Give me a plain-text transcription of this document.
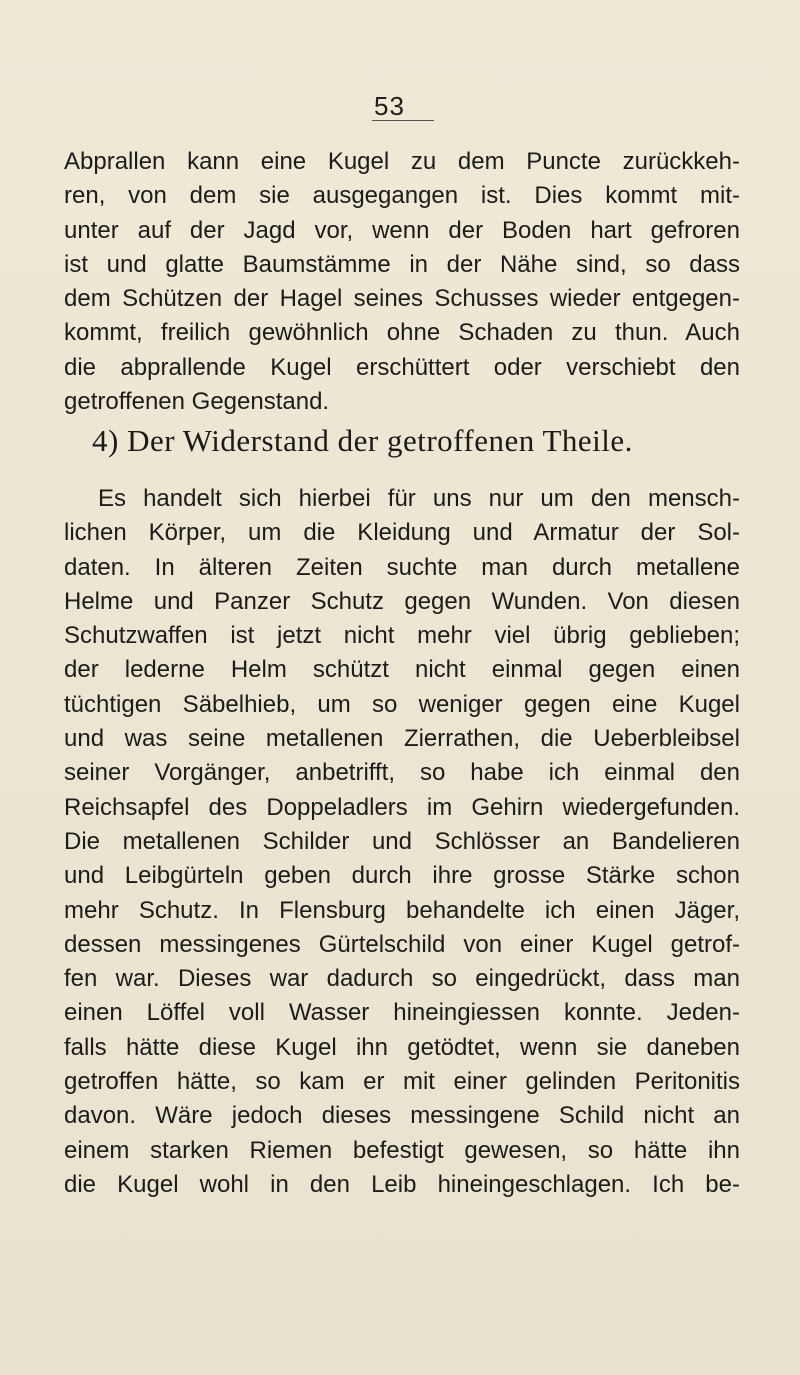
53
Abprallen kann eine Kugel zu dem Puncte zurückkeh-
ren, von dem sie ausgegangen ist. Dies kommt mit-
unter auf der Jagd vor, wenn der Boden hart gefroren
ist und glatte Baumstämme in der Nähe sind, so dass
dem Schützen der Hagel seines Schusses wieder entgegen-
kommt, freilich gewöhnlich ohne Schaden zu thun. Auch
die abprallende Kugel erschüttert oder verschiebt den
getroffenen Gegenstand.
4) Der Widerstand der getroffenen Theile.
Es handelt sich hierbei für uns nur um den mensch-
lichen Körper, um die Kleidung und Armatur der Sol-
daten. In älteren Zeiten suchte man durch metallene
Helme und Panzer Schutz gegen Wunden. Von diesen
Schutzwaffen ist jetzt nicht mehr viel übrig geblieben;
der lederne Helm schützt nicht einmal gegen einen
tüchtigen Säbelhieb, um so weniger gegen eine Kugel
und was seine metallenen Zierrathen, die Ueberbleibsel
seiner Vorgänger, anbetrifft, so habe ich einmal den
Reichsapfel des Doppeladlers im Gehirn wiedergefunden.
Die metallenen Schilder und Schlösser an Bandelieren
und Leibgürteln geben durch ihre grosse Stärke schon
mehr Schutz. In Flensburg behandelte ich einen Jäger,
dessen messingenes Gürtelschild von einer Kugel getrof-
fen war. Dieses war dadurch so eingedrückt, dass man
einen Löffel voll Wasser hineingiessen konnte. Jeden-
falls hätte diese Kugel ihn getödtet, wenn sie daneben
getroffen hätte, so kam er mit einer gelinden Peritonitis
davon. Wäre jedoch dieses messingene Schild nicht an
einem starken Riemen befestigt gewesen, so hätte ihn
die Kugel wohl in den Leib hineingeschlagen. Ich be-
